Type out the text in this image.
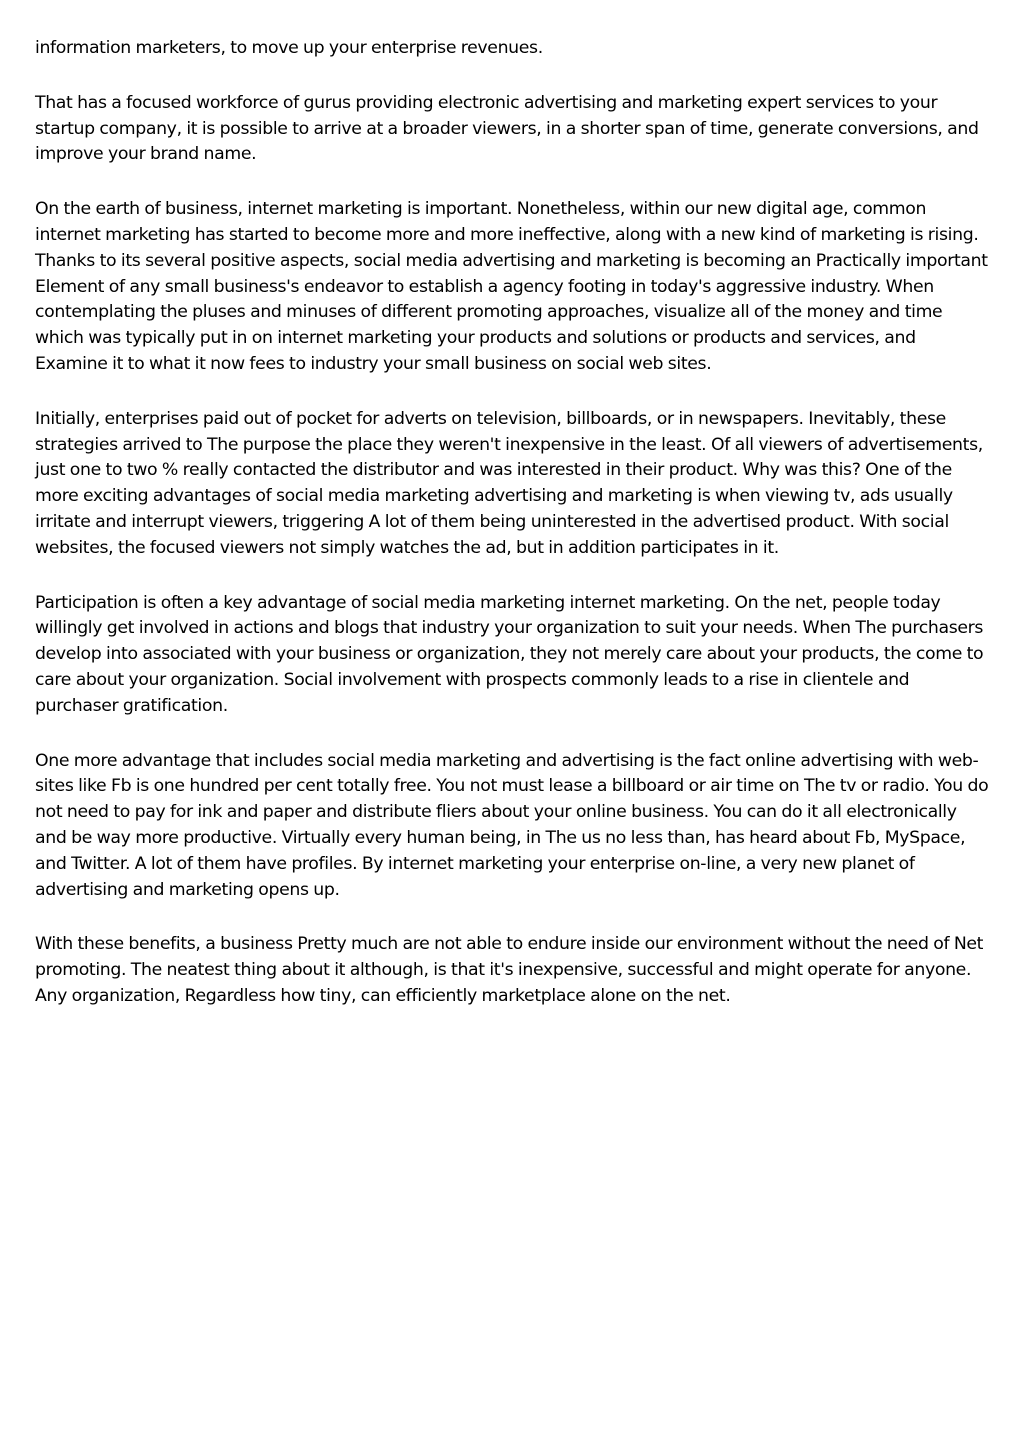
information marketers, to move up your enterprise revenues.

That has a focused workforce of gurus providing electronic advertising and marketing expert services to your startup company, it is possible to arrive at a broader viewers, in a shorter span of time, generate conversions, and improve your brand name.

On the earth of business, internet marketing is important. Nonetheless, within our new digital age, common internet marketing has started to become more and more ineffective, along with a new kind of marketing is rising. Thanks to its several positive aspects, social media advertising and marketing is becoming an Practically important Element of any small business's endeavor to establish a agency footing in today's aggressive industry. When contemplating the pluses and minuses of different promoting approaches, visualize all of the money and time which was typically put in on internet marketing your products and solutions or products and services, and Examine it to what it now fees to industry your small business on social web sites.

Initially, enterprises paid out of pocket for adverts on television, billboards, or in newspapers. Inevitably, these strategies arrived to The purpose the place they weren't inexpensive in the least. Of all viewers of advertisements, just one to two % really contacted the distributor and was interested in their product. Why was this? One of the more exciting advantages of social media marketing advertising and marketing is when viewing tv, ads usually irritate and interrupt viewers, triggering A lot of them being uninterested in the advertised product. With social websites, the focused viewers not simply watches the ad, but in addition participates in it.

Participation is often a key advantage of social media marketing internet marketing. On the net, people today willingly get involved in actions and blogs that industry your organization to suit your needs. When The purchasers develop into associated with your business or organization, they not merely care about your products, the come to care about your organization. Social involvement with prospects commonly leads to a rise in clientele and purchaser gratification.

One more advantage that includes social media marketing and advertising is the fact online advertising with web-sites like Fb is one hundred per cent totally free. You not must lease a billboard or air time on The tv or radio. You do not need to pay for ink and paper and distribute fliers about your online business. You can do it all electronically and be way more productive. Virtually every human being, in The us no less than, has heard about Fb, MySpace, and Twitter. A lot of them have profiles. By internet marketing your enterprise on-line, a very new planet of advertising and marketing opens up.

With these benefits, a business Pretty much are not able to endure inside our environment without the need of Net promoting. The neatest thing about it although, is that it's inexpensive, successful and might operate for anyone. Any organization, Regardless how tiny, can efficiently marketplace alone on the net.
